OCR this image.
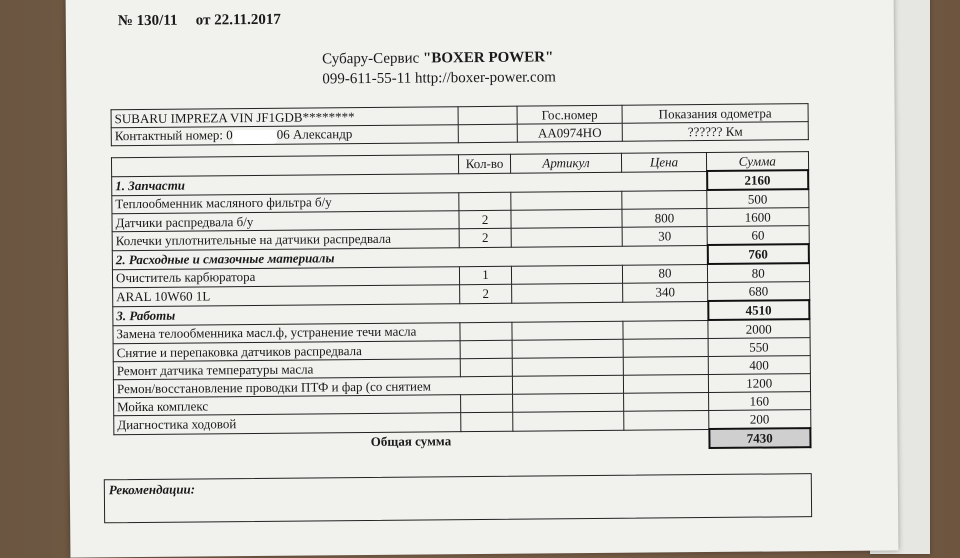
№ 130/11 от 22.11.2017
Субару-Сервис "BOXER POWER"
099-611-55-11 http://boxer-power.com
SUBARU IMPREZA VIN JF1GDB********		Гос.номер	Показания одометра
Контактный номер: 0 06 Александр		AA0974HO	?????? Км
	Кол-во	Артикул	Цена	Сумма
1. Запчасти				2160
Теплообменник масляного фильтра б/у				500
Датчики распредвала б/у	2		800	1600
Колечки уплотнительные на датчики распредвала	2		30	60
2. Расходные и смазочные материалы				760
Очиститель карбюратора	1		80	80
ARAL 10W60 1L	2		340	680
3. Работы				4510
Замена телообменника масл.ф, устранение течи масла				2000
Снятие и перепаковка датчиков распредвала				550
Ремонт датчика температуры масла				400
Ремон/восстановление проводки ПТФ и фар (со снятием				1200
Мойка комплекс				160
Диагностика ходовой				200
Общая сумма				7430
Рекомендации:
